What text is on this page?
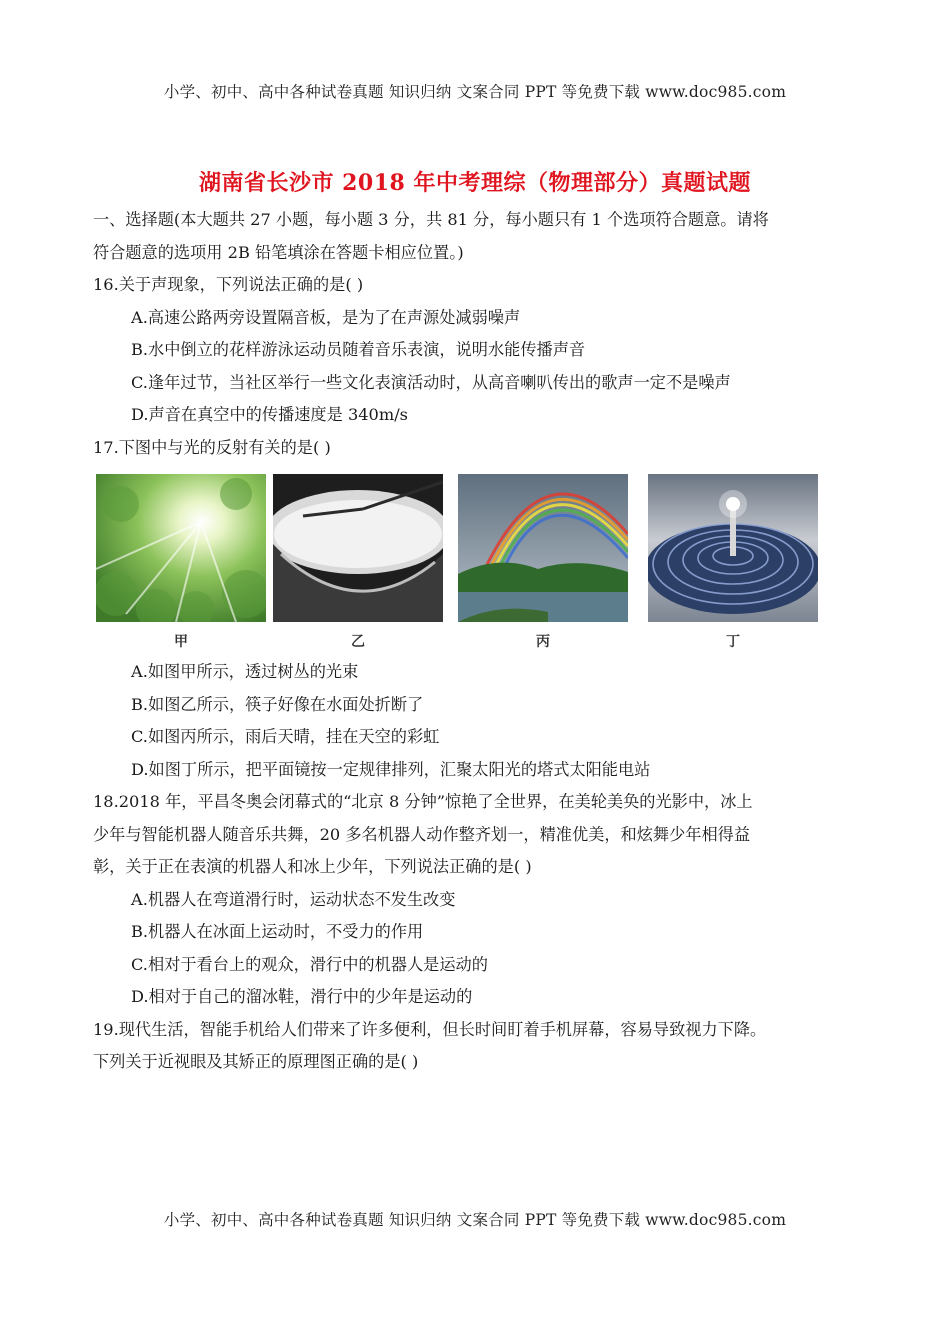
小学、初中、高中各种试卷真题 知识归纳 文案合同 PPT 等免费下载 www.doc985.com
湖南省长沙市 2018 年中考理综（物理部分）真题试题
一、选择题(本大题共 27 小题，每小题 3 分，共 81 分，每小题只有 1 个选项符合题意。请将
符合题意的选项用 2B 铅笔填涂在答题卡相应位置。)
16.关于声现象，下列说法正确的是( )
A.高速公路两旁设置隔音板，是为了在声源处减弱噪声
B.水中倒立的花样游泳运动员随着音乐表演，说明水能传播声音
C.逢年过节，当社区举行一些文化表演活动时，从高音喇叭传出的歌声一定不是噪声
D.声音在真空中的传播速度是 340m/s
17.下图中与光的反射有关的是( )
甲	乙	丙	丁
A.如图甲所示，透过树丛的光束
B.如图乙所示，筷子好像在水面处折断了
C.如图丙所示，雨后天晴，挂在天空的彩虹
D.如图丁所示，把平面镜按一定规律排列，汇聚太阳光的塔式太阳能电站
18.2018 年，平昌冬奥会闭幕式的“北京 8 分钟”惊艳了全世界，在美轮美奂的光影中，冰上
少年与智能机器人随音乐共舞，20 多名机器人动作整齐划一，精准优美，和炫舞少年相得益
彰，关于正在表演的机器人和冰上少年，下列说法正确的是( )
A.机器人在弯道滑行时，运动状态不发生改变
B.机器人在冰面上运动时，不受力的作用
C.相对于看台上的观众，滑行中的机器人是运动的
D.相对于自己的溜冰鞋，滑行中的少年是运动的
19.现代生活，智能手机给人们带来了许多便利，但长时间盯着手机屏幕，容易导致视力下降。
下列关于近视眼及其矫正的原理图正确的是( )
小学、初中、高中各种试卷真题 知识归纳 文案合同 PPT 等免费下载 www.doc985.com
